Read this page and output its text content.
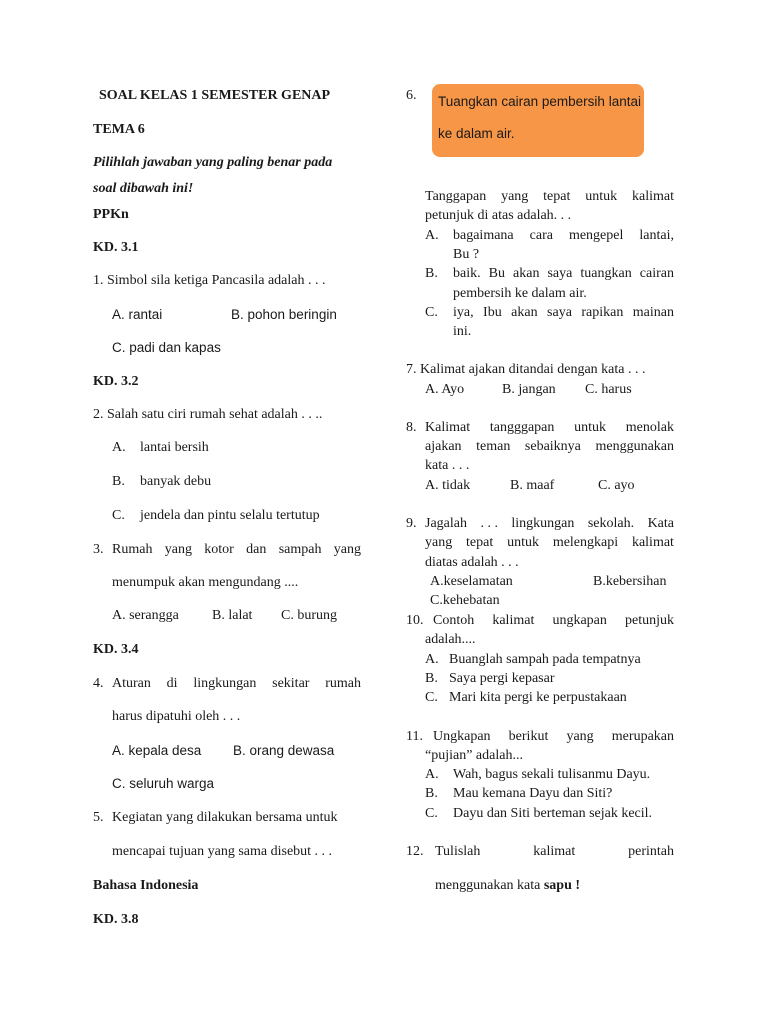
SOAL KELAS 1 SEMESTER GENAP
TEMA 6
Pilihlah jawaban yang paling benar pada
soal dibawah ini!
PPKn
KD. 3.1
1. Simbol sila ketiga Pancasila adalah . . .
A. rantai	B. pohon beringin
C. padi dan kapas
KD. 3.2
2. Salah satu ciri rumah sehat adalah . . ..
A. lantai bersih
B. banyak debu
C. jendela dan pintu selalu tertutup
3. Rumah yang kotor dan sampah yang
menumpuk akan mengundang ....
A. serangga B. lalat C. burung
KD. 3.4
4. Aturan di lingkungan sekitar rumah
harus dipatuhi oleh . . .
A. kepala desa B. orang dewasa
C. seluruh warga
5. Kegiatan yang dilakukan bersama untuk
mencapai tujuan yang sama disebut . . .
Bahasa Indonesia
KD. 3.8
6. Tuangkan cairan pembersih lantai
ke dalam air.
Tanggapan yang tepat untuk kalimat
petunjuk di atas adalah. . .
A. bagaimana cara mengepel lantai,
Bu ?
B. baik. Bu akan saya tuangkan cairan
pembersih ke dalam air.
C. iya, Ibu akan saya rapikan mainan
ini.
7. Kalimat ajakan ditandai dengan kata . . .
A. Ayo	B. jangan C. harus
8. Kalimat tangggapan untuk menolak
ajakan teman sebaiknya menggunakan
kata . . .
A. tidak	B. maaf	C. ayo
9. Jagalah . . . lingkungan sekolah. Kata
yang tepat untuk melengkapi kalimat
diatas adalah . . .
A.keselamatan	B.kebersihan
C.kehebatan
10. Contoh kalimat ungkapan petunjuk
adalah....
A. Buanglah sampah pada tempatnya
B. Saya pergi kepasar
C. Mari kita pergi ke perpustakaan
11. Ungkapan berikut yang merupakan
“pujian” adalah...
A. Wah, bagus sekali tulisanmu Dayu.
B. Mau kemana Dayu dan Siti?
C. Dayu dan Siti berteman sejak kecil.
12. Tulislah	kalimat	perintah
menggunakan kata sapu !
